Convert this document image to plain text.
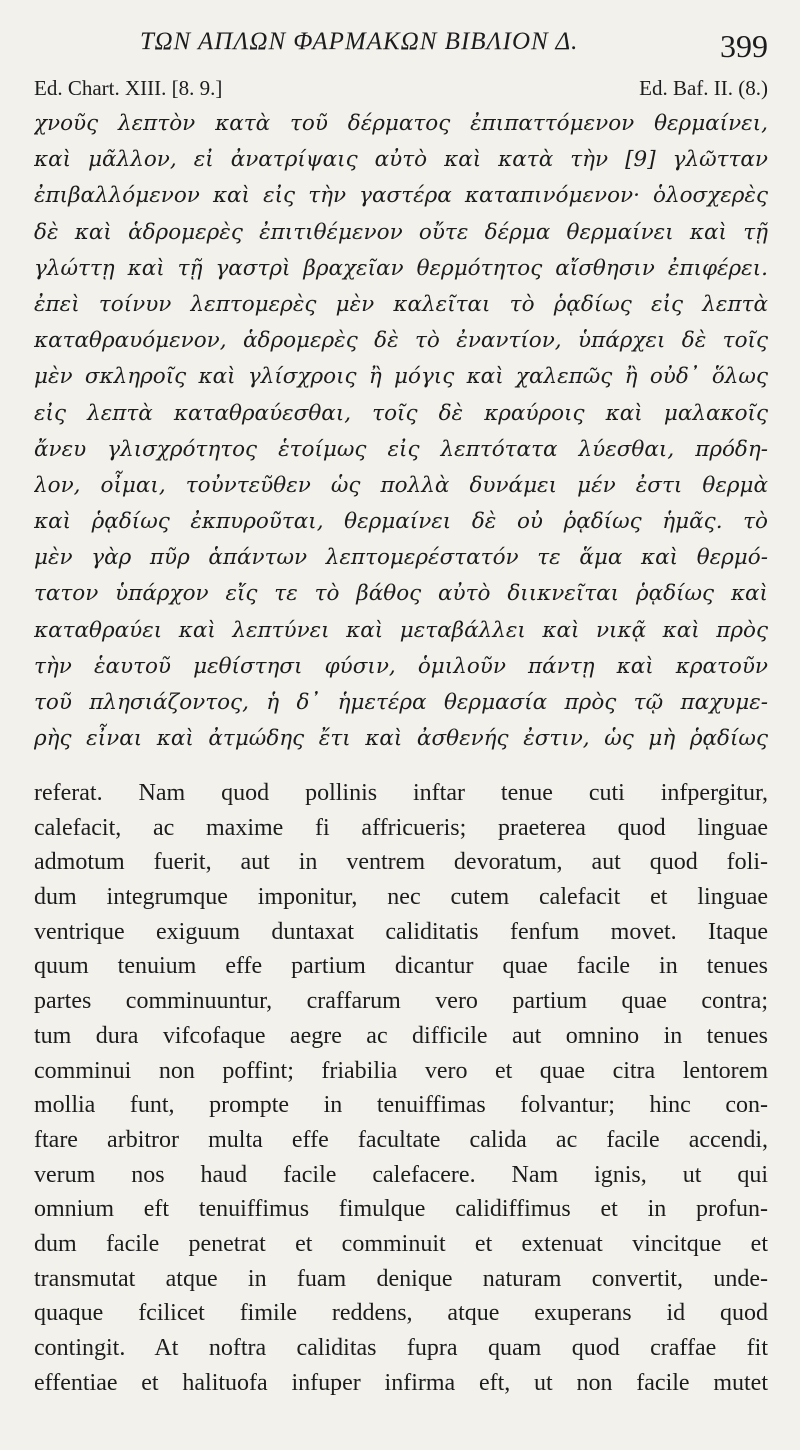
ΤΩΝ ΑΠΛΩΝ ΦΑΡΜΑΚΩΝ ΒΙΒΛΙΟΝ Δ.	399
Ed. Chart. XIII. [8. 9.]	Ed. Baf. II. (8.)
χνοῦς λεπτὸν κατὰ τοῦ δέρματος ἐπιπαττόμενον θερμαίνει,
καὶ μᾶλλον, εἰ ἀνατρίψαις αὐτὸ καὶ κατὰ τὴν [9] γλῶτταν
ἐπιβαλλόμενον καὶ εἰς τὴν γαστέρα καταπινόμενον· ὁλοσχερὲς
δὲ καὶ ἁδρομερὲς ἐπιτιθέμενον οὔτε δέρμα θερμαίνει καὶ τῇ
γλώττῃ καὶ τῇ γαστρὶ βραχεῖαν θερμότητος αἴσθησιν ἐπιφέρει.
ἐπεὶ τοίνυν λεπτομερὲς μὲν καλεῖται τὸ ῥᾳδίως εἰς λεπτὰ
καταθραυόμενον, ἁδρομερὲς δὲ τὸ ἐναντίον, ὑπάρχει δὲ τοῖς
μὲν σκληροῖς καὶ γλίσχροις ἢ μόγις καὶ χαλεπῶς ἢ οὐδ᾽ ὅλως
εἰς λεπτὰ καταθραύεσθαι, τοῖς δὲ κραύροις καὶ μαλακοῖς
ἄνευ γλισχρότητος ἑτοίμως εἰς λεπτότατα λύεσθαι, πρόδη-
λον, οἶμαι, τοὐντεῦθεν ὡς πολλὰ δυνάμει μέν ἐστι θερμὰ
καὶ ῥᾳδίως ἐκπυροῦται, θερμαίνει δὲ οὐ ῥᾳδίως ἡμᾶς. τὸ
μὲν γὰρ πῦρ ἁπάντων λεπτομερέστατόν τε ἅμα καὶ θερμό-
τατον ὑπάρχον εἴς τε τὸ βάθος αὐτὸ διικνεῖται ῥᾳδίως καὶ
καταθραύει καὶ λεπτύνει καὶ μεταβάλλει καὶ νικᾷ καὶ πρὸς
τὴν ἑαυτοῦ μεθίστησι φύσιν, ὁμιλοῦν πάντῃ καὶ κρατοῦν
τοῦ πλησιάζοντος, ἡ δ᾽ ἡμετέρα θερμασία πρὸς τῷ παχυμε-
ρὴς εἶναι καὶ ἀτμώδης ἔτι καὶ ἀσθενής ἐστιν, ὡς μὴ ῥᾳδίως
referat. Nam quod pollinis inftar tenue cuti infpergitur,
calefacit, ac maxime fi affricueris; praeterea quod linguae
admotum fuerit, aut in ventrem devoratum, aut quod foli-
dum integrumque imponitur, nec cutem calefacit et linguae
ventrique exiguum duntaxat caliditatis fenfum movet. Itaque
quum tenuium effe partium dicantur quae facile in tenues
partes comminuuntur, craffarum vero partium quae contra;
tum dura vifcofaque aegre ac difficile aut omnino in tenues
comminui non poffint; friabilia vero et quae citra lentorem
mollia funt, prompte in tenuiffimas folvantur; hinc con-
ftare arbitror multa effe facultate calida ac facile accendi,
verum nos haud facile calefacere. Nam ignis, ut qui
omnium eft tenuiffimus fimulque calidiffimus et in profun-
dum facile penetrat et comminuit et extenuat vincitque et
transmutat atque in fuam denique naturam convertit, unde-
quaque fcilicet fimile reddens, atque exuperans id quod
contingit. At noftra caliditas fupra quam quod craffae fit
effentiae et halituofa infuper infirma eft, ut non facile mutet
